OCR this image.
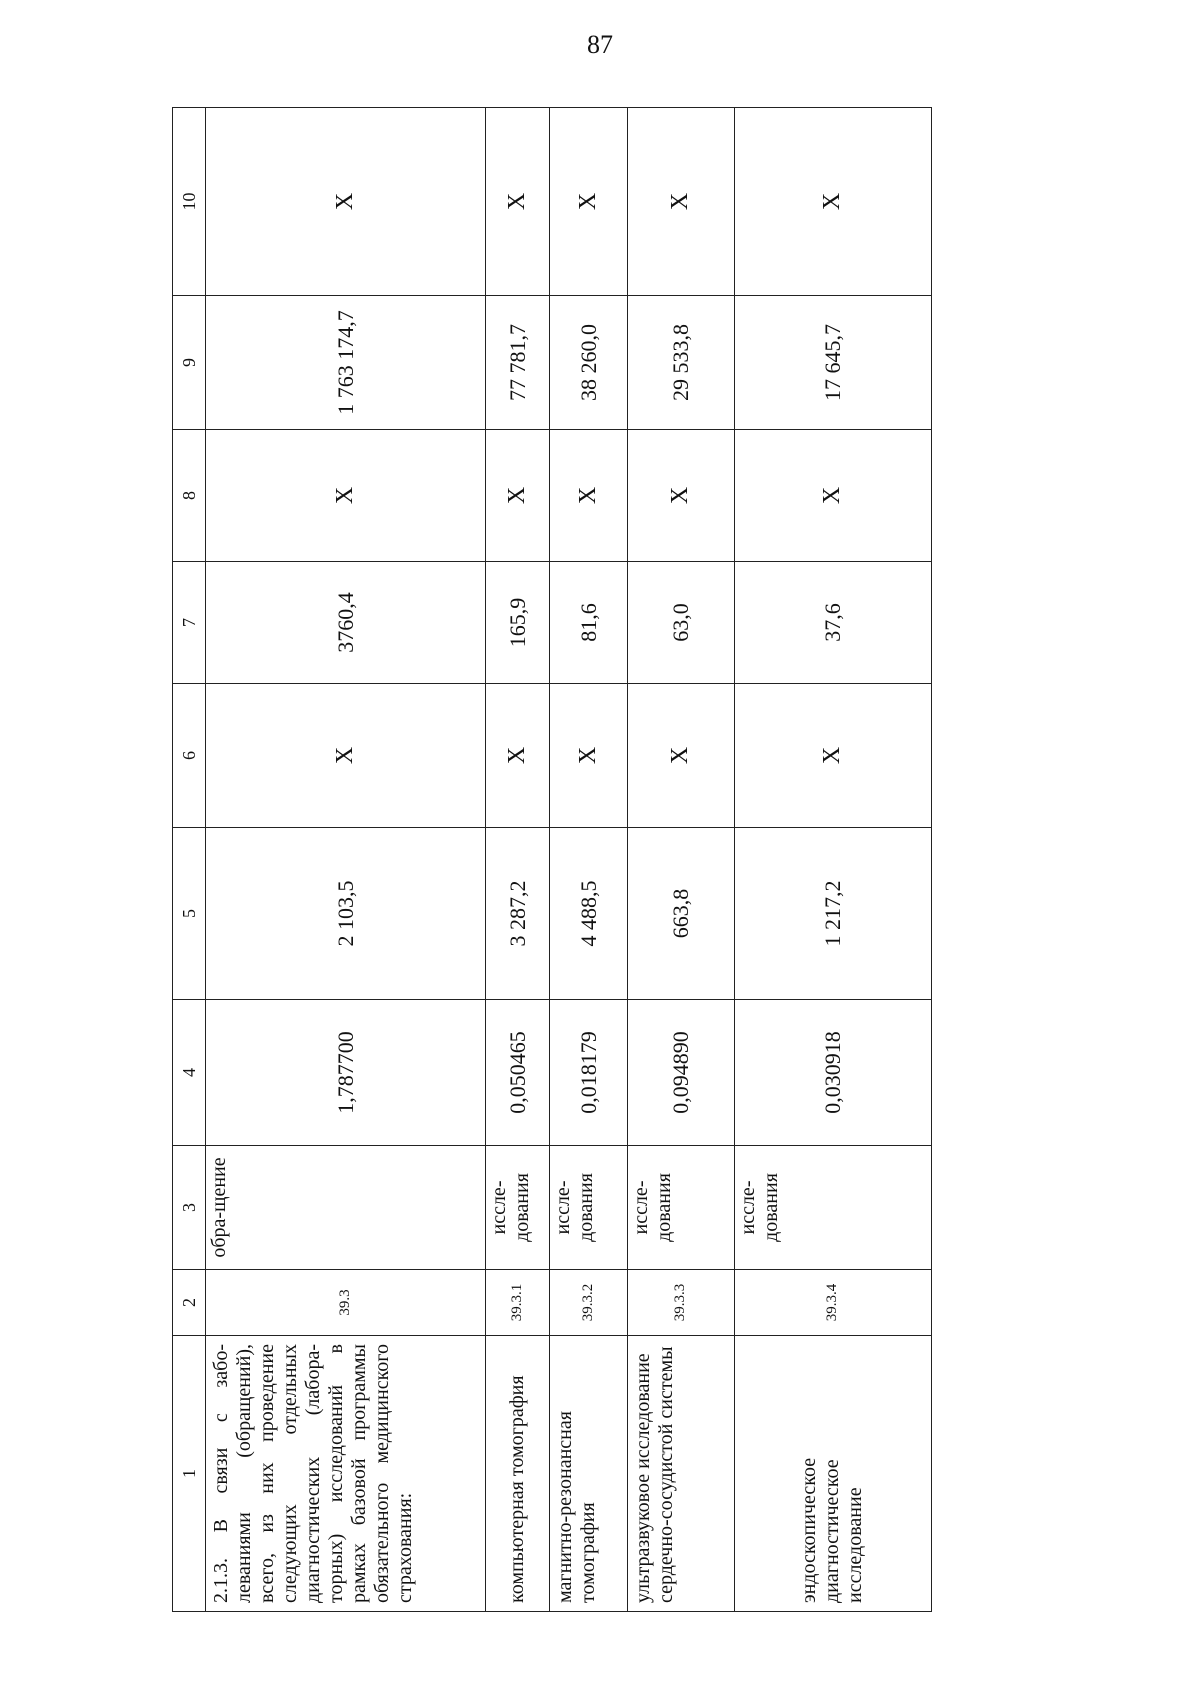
87
1	2	3	4	5	6	7	8	9	10
2.1.3. В связи с забо-леваниями (обращений), всего, из них проведение следующих отдельных диагностических (лабора-торных) исследований в рамках базовой программы обязательного медицинского страхования:	39.3	обра-щение	1,787700	2 103,5	Х	3760,4	Х	1 763 174,7	Х
компьютерная томография	39.3.1	иссле-дования	0,050465	3 287,2	Х	165,9	Х	77 781,7	Х
магнитно-резонансная томография	39.3.2	иссле-дования	0,018179	4 488,5	Х	81,6	Х	38 260,0	Х
ультразвуковое исследование сердечно-сосудистой системы	39.3.3	иссле-дования	0,094890	663,8	Х	63,0	Х	29 533,8	Х
эндоскопическое диагностическое исследование	39.3.4	иссле-дования	0,030918	1 217,2	Х	37,6	Х	17 645,7	Х
